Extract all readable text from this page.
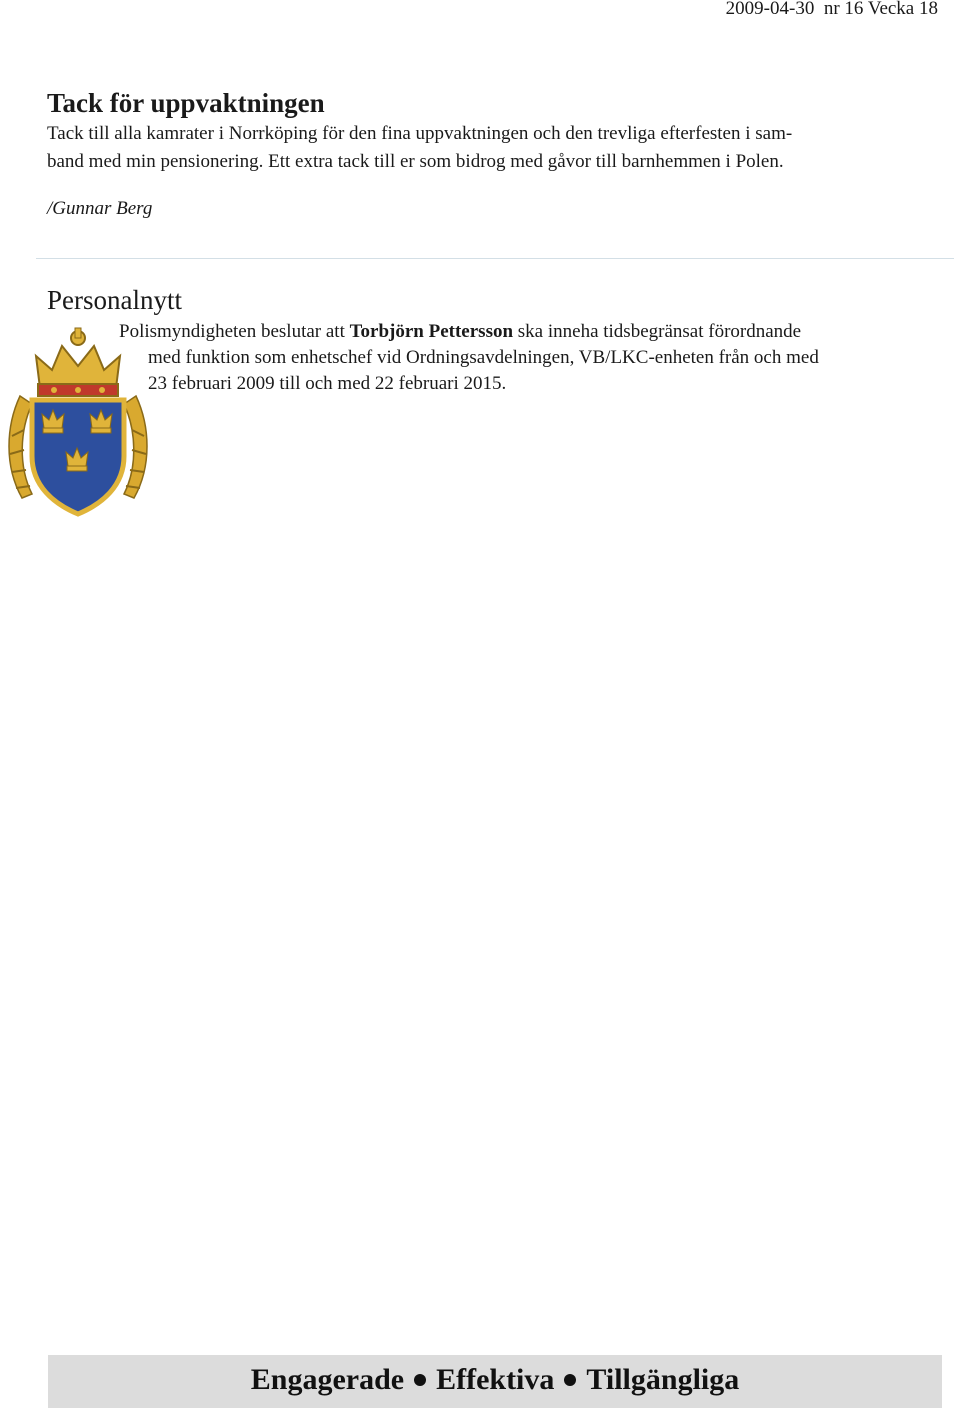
2009-04-30 nr 16 Vecka 18
Tack för uppvaktningen

Tack till alla kamrater i Norrköping för den fina uppvaktningen och den trevliga efterfesten i sam-
band med min pensionering. Ett extra tack till er som bidrog med gåvor till barnhemmen i Polen.

/Gunnar Berg

Personalnytt

Polismyndigheten beslutar att Torbjörn Pettersson ska inneha tidsbegränsat förordnande
med funktion som enhetschef vid Ordningsavdelningen, VB/LKC-enheten från och med
23 februari 2009 till och med 22 februari 2015.

Engagerade Effektiva Tillgängliga
